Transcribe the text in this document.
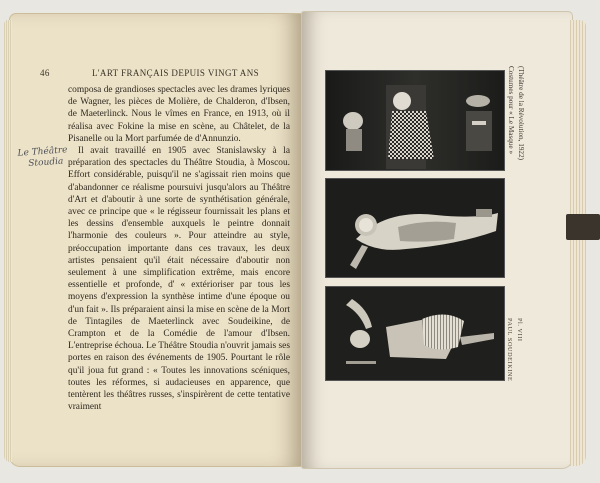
46	L'ART FRANÇAIS DEPUIS VINGT ANS
Le Théâtre
Stoudia

composa de grandioses spectacles avec les drames lyriques de Wagner, les pièces de Molière, de Chalderon, d'Ibsen, de Maeterlinck. Nous le vîmes en France, en 1913, où il réalisa avec Fokine la mise en scène, au Châtelet, de la Pisanelle ou la Mort parfumée de d'Annunzio.

Il avait travaillé en 1905 avec Stanislawsky à la préparation des spectacles du Théâtre Stoudia, à Moscou. Effort considérable, puisqu'il ne s'agissait rien moins que d'abandonner ce réalisme poursuivi jusqu'alors au Théâtre d'Art et d'aboutir à une sorte de synthétisation générale, avec ce principe que « le régisseur fournissait les plans et les dessins d'ensemble auxquels le peintre donnait l'harmonie des couleurs ». Pour atteindre au style, préoccupation importante dans ces travaux, les deux artistes pensaient qu'il était nécessaire d'aboutir non seulement à une simplification extrême, mais encore essentielle et profonde, d' « extérioriser par tous les moyens d'expression la synthèse intime d'une époque ou d'un fait ». Ils préparaient ainsi la mise en scène de la Mort de Tintagiles de Maeterlinck avec Soudeikine, de Crampton et de la Comédie de l'amour d'Ibsen. L'entreprise échoua. Le Théâtre Stoudia n'ouvrit jamais ses portes en raison des événements de 1905. Pourtant le rôle qu'il joua fut grand : « Toutes les innovations scéniques, toutes les réformes, si audacieuses en apparence, que tentèrent les théâtres russes, s'inspirèrent de cette tentative vraiment

Costumes pour « Le Masque » (Théâtre de la Révolution, 1922)
PAUL SOUDEIKINE Pl. VIII
